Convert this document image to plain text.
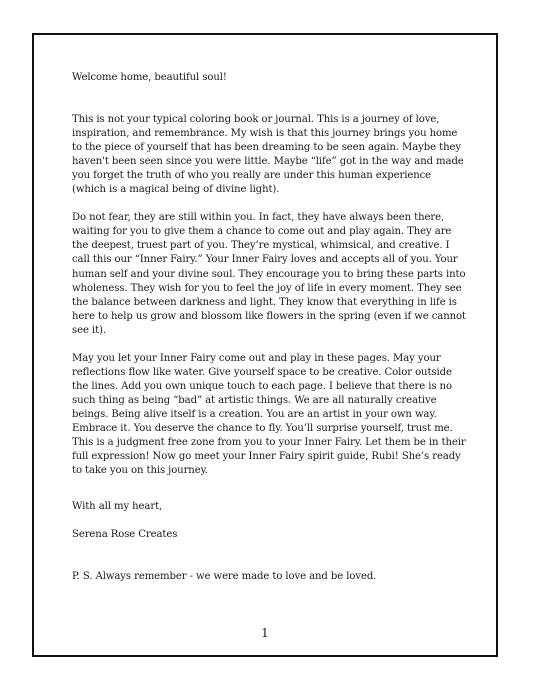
Welcome home, beautiful soul!

This is not your typical coloring book or journal. This is a journey of love, inspiration, and remembrance. My wish is that this journey brings you home to the piece of yourself that has been dreaming to be seen again. Maybe they haven't been seen since you were little. Maybe “life” got in the way and made you forget the truth of who you really are under this human experience (which is a magical being of divine light).

Do not fear, they are still within you. In fact, they have always been there, waiting for you to give them a chance to come out and play again. They are the deepest, truest part of you. They’re mystical, whimsical, and creative. I call this our “Inner Fairy.” Your Inner Fairy loves and accepts all of you. Your human self and your divine soul. They encourage you to bring these parts into wholeness. They wish for you to feel the joy of life in every moment. They see the balance between darkness and light. They know that everything in life is here to help us grow and blossom like flowers in the spring (even if we cannot see it).

May you let your Inner Fairy come out and play in these pages. May your reflections flow like water. Give yourself space to be creative. Color outside the lines. Add you own unique touch to each page. I believe that there is no such thing as being “bad” at artistic things. We are all naturally creative beings. Being alive itself is a creation. You are an artist in your own way. Embrace it. You deserve the chance to fly. You’ll surprise yourself, trust me. This is a judgment free zone from you to your Inner Fairy. Let them be in their full expression! Now go meet your Inner Fairy spirit guide, Rubi! She’s ready to take you on this journey.

With all my heart,

Serena Rose Creates

P. S. Always remember - we were made to love and be loved.

1
